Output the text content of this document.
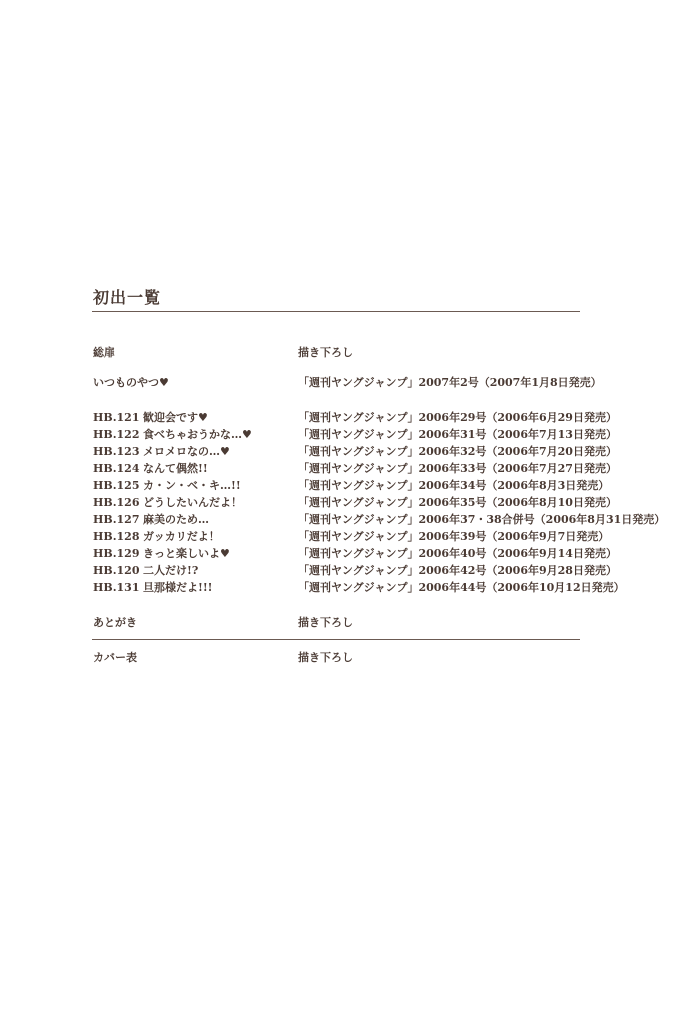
初出一覧
総扉	描き下ろし
いつものやつ♥	「週刊ヤングジャンプ」2007年2号（2007年1月8日発売）
HB.121 歓迎会です♥	「週刊ヤングジャンプ」2006年29号（2006年6月29日発売）
HB.122 食べちゃおうかな…♥	「週刊ヤングジャンプ」2006年31号（2006年7月13日発売）
HB.123 メロメロなの…♥	「週刊ヤングジャンプ」2006年32号（2006年7月20日発売）
HB.124 なんて偶然!!	「週刊ヤングジャンプ」2006年33号（2006年7月27日発売）
HB.125 カ・ン・ベ・キ…!!	「週刊ヤングジャンプ」2006年34号（2006年8月3日発売）
HB.126 どうしたいんだよ！	「週刊ヤングジャンプ」2006年35号（2006年8月10日発売）
HB.127 麻美のため…	「週刊ヤングジャンプ」2006年37・38合併号（2006年8月31日発売）
HB.128 ガッカリだよ！	「週刊ヤングジャンプ」2006年39号（2006年9月7日発売）
HB.129 きっと楽しいよ♥	「週刊ヤングジャンプ」2006年40号（2006年9月14日発売）
HB.120 二人だけ!?	「週刊ヤングジャンプ」2006年42号（2006年9月28日発売）
HB.131 旦那様だよ!!!	「週刊ヤングジャンプ」2006年44号（2006年10月12日発売）
あとがき	描き下ろし
カバー表	描き下ろし
